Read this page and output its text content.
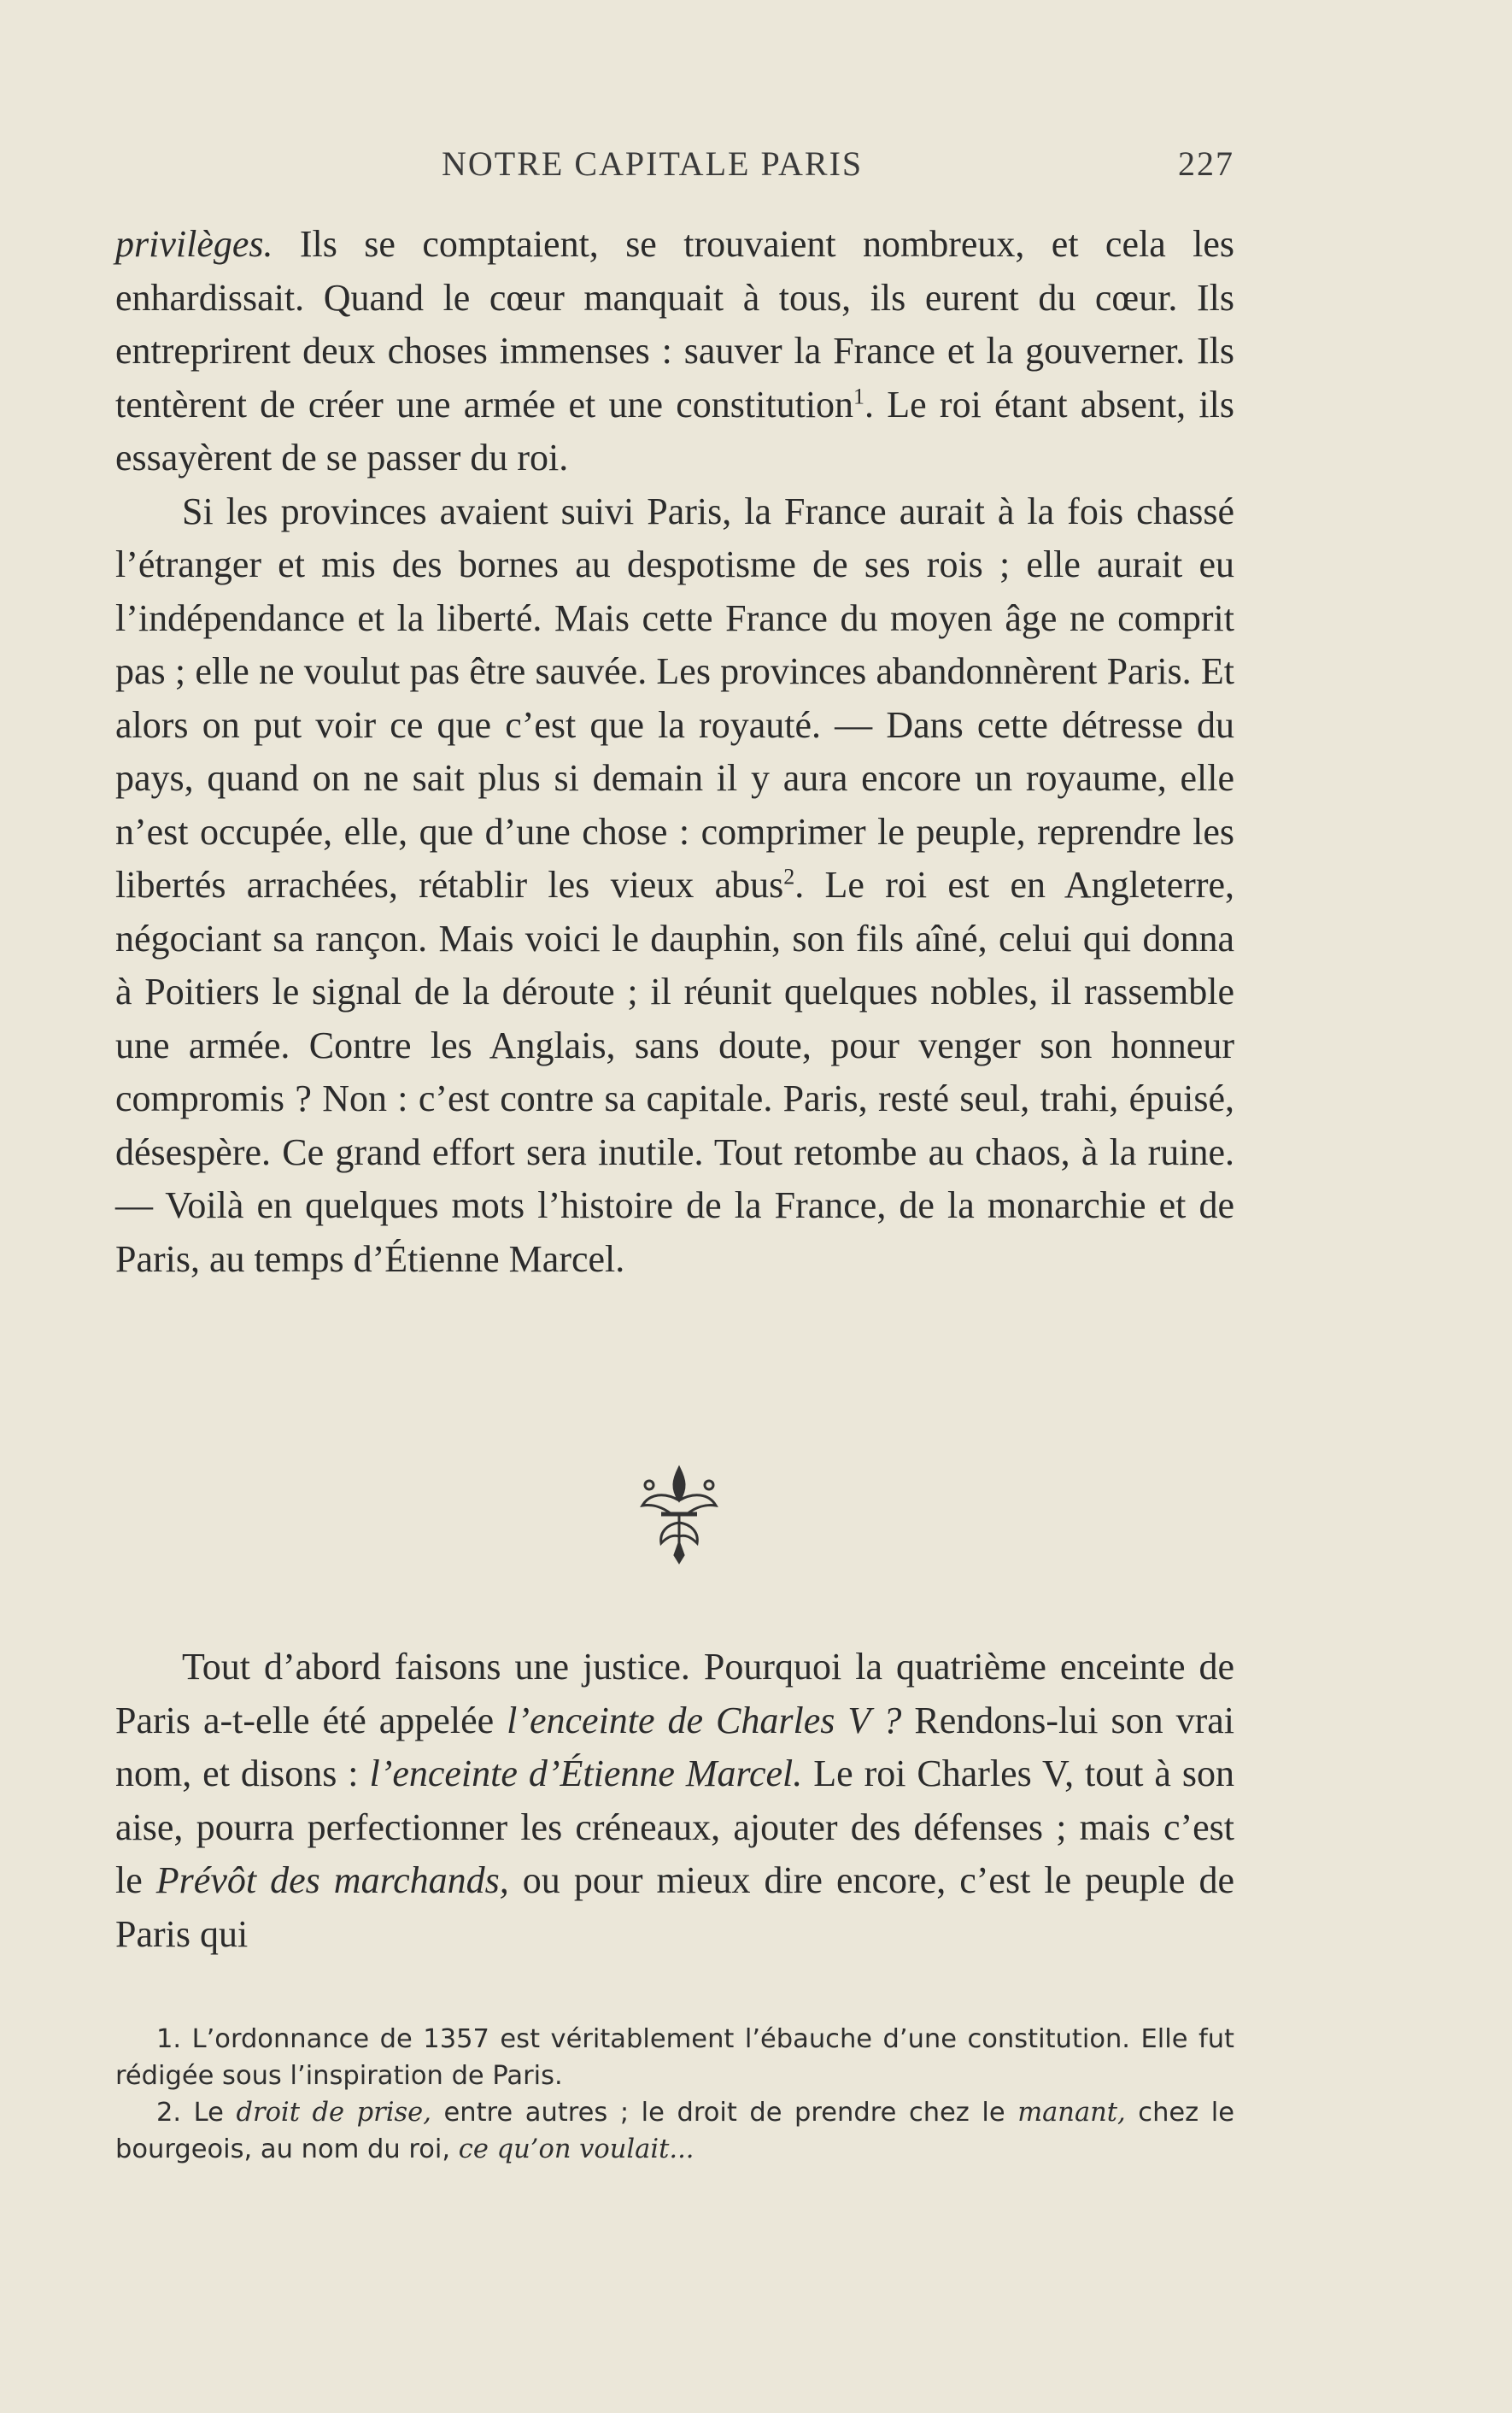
NOTRE CAPITALE PARIS	227

privilèges. Ils se comptaient, se trouvaient nombreux, et cela les enhardissait. Quand le cœur manquait à tous, ils eurent du cœur. Ils entreprirent deux choses immenses : sauver la France et la gouverner. Ils tentèrent de créer une armée et une constitution$^1$. Le roi étant absent, ils essayèrent de se passer du roi.

Si les provinces avaient suivi Paris, la France aurait à la fois chassé l’étranger et mis des bornes au despotisme de ses rois ; elle aurait eu l’indépendance et la liberté. Mais cette France du moyen âge ne comprit pas ; elle ne voulut pas être sauvée. Les provinces abandonnèrent Paris. Et alors on put voir ce que c’est que la royauté. — Dans cette détresse du pays, quand on ne sait plus si demain il y aura encore un royaume, elle n’est occupée, elle, que d’une chose : comprimer le peuple, reprendre les libertés arrachées, rétablir les vieux abus$^2$. Le roi est en Angleterre, négociant sa rançon. Mais voici le dauphin, son fils aîné, celui qui donna à Poitiers le signal de la déroute ; il réunit quelques nobles, il rassemble une armée. Contre les Anglais, sans doute, pour venger son honneur compromis ? Non : c’est contre sa capitale. Paris, resté seul, trahi, épuisé, désespère. Ce grand effort sera inutile. Tout retombe au chaos, à la ruine. — Voilà en quelques mots l’histoire de la France, de la monarchie et de Paris, au temps d’Étienne Marcel.

Tout d’abord faisons une justice. Pourquoi la quatrième enceinte de Paris a-t-elle été appelée l’enceinte de Charles V ? Rendons-lui son vrai nom, et disons : l’enceinte d’Étienne Marcel. Le roi Charles V, tout à son aise, pourra perfectionner les créneaux, ajouter des défenses ; mais c’est le Prévôt des marchands, ou pour mieux dire encore, c’est le peuple de Paris qui

1. L’ordonnance de 1357 est véritablement l’ébauche d’une constitution. Elle fut rédigée sous l’inspiration de Paris.

2. Le droit de prise, entre autres ; le droit de prendre chez le manant, chez le bourgeois, au nom du roi, ce qu’on voulait...
